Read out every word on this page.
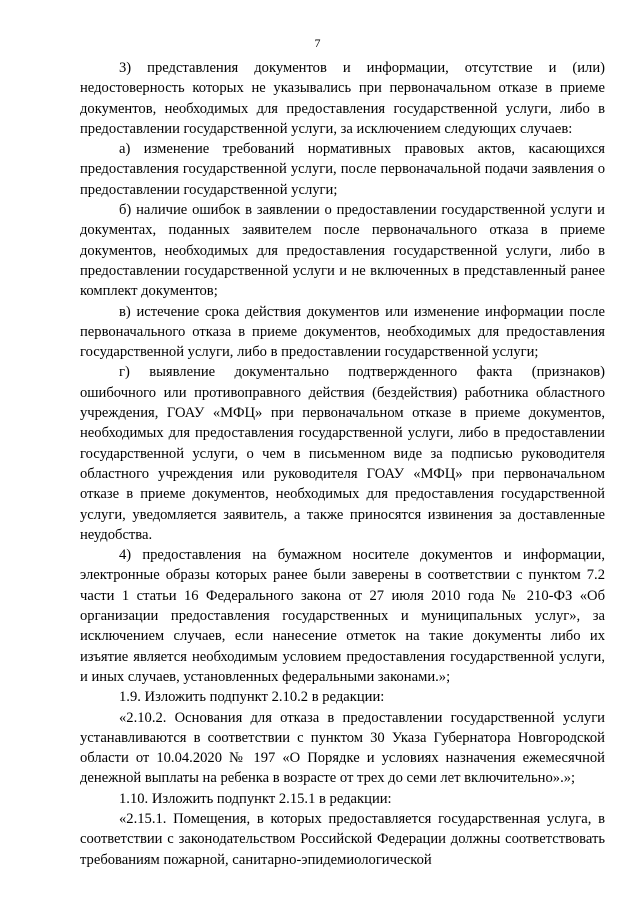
7

3) представления документов и информации, отсутствие и (или) недостоверность которых не указывались при первоначальном отказе в приеме документов, необходимых для предоставления государственной услуги, либо в предоставлении государственной услуги, за исключением следующих случаев:

а) изменение требований нормативных правовых актов, касающихся предоставления государственной услуги, после первоначальной подачи заявления о предоставлении государственной услуги;

б) наличие ошибок в заявлении о предоставлении государственной услуги и документах, поданных заявителем после первоначального отказа в приеме документов, необходимых для предоставления государственной услуги, либо в предоставлении государственной услуги и не включенных в представленный ранее комплект документов;

в) истечение срока действия документов или изменение информации после первоначального отказа в приеме документов, необходимых для предоставления государственной услуги, либо в предоставлении государственной услуги;

г) выявление документально подтвержденного факта (признаков) ошибочного или противоправного действия (бездействия) работника областного учреждения, ГОАУ «МФЦ» при первоначальном отказе в приеме документов, необходимых для предоставления государственной услуги, либо в предоставлении государственной услуги, о чем в письменном виде за подписью руководителя областного учреждения или руководителя ГОАУ «МФЦ» при первоначальном отказе в приеме документов, необходимых для предоставления государственной услуги, уведомляется заявитель, а также приносятся извинения за доставленные неудобства.

4) предоставления на бумажном носителе документов и информации, электронные образы которых ранее были заверены в соответствии с пунктом 7.2 части 1 статьи 16 Федерального закона от 27 июля 2010 года № 210-ФЗ «Об организации предоставления государственных и муниципальных услуг», за исключением случаев, если нанесение отметок на такие документы либо их изъятие является необходимым условием предоставления государственной услуги, и иных случаев, установленных федеральными законами.»;

1.9. Изложить подпункт 2.10.2 в редакции:

«2.10.2. Основания для отказа в предоставлении государственной услуги устанавливаются в соответствии с пунктом 30 Указа Губернатора Новгородской области от 10.04.2020 № 197 «О Порядке и условиях назначения ежемесячной денежной выплаты на ребенка в возрасте от трех до семи лет включительно».»;

1.10. Изложить подпункт 2.15.1 в редакции:

«2.15.1. Помещения, в которых предоставляется государственная услуга, в соответствии с законодательством Российской Федерации должны соответствовать требованиям пожарной, санитарно-эпидемиологической
